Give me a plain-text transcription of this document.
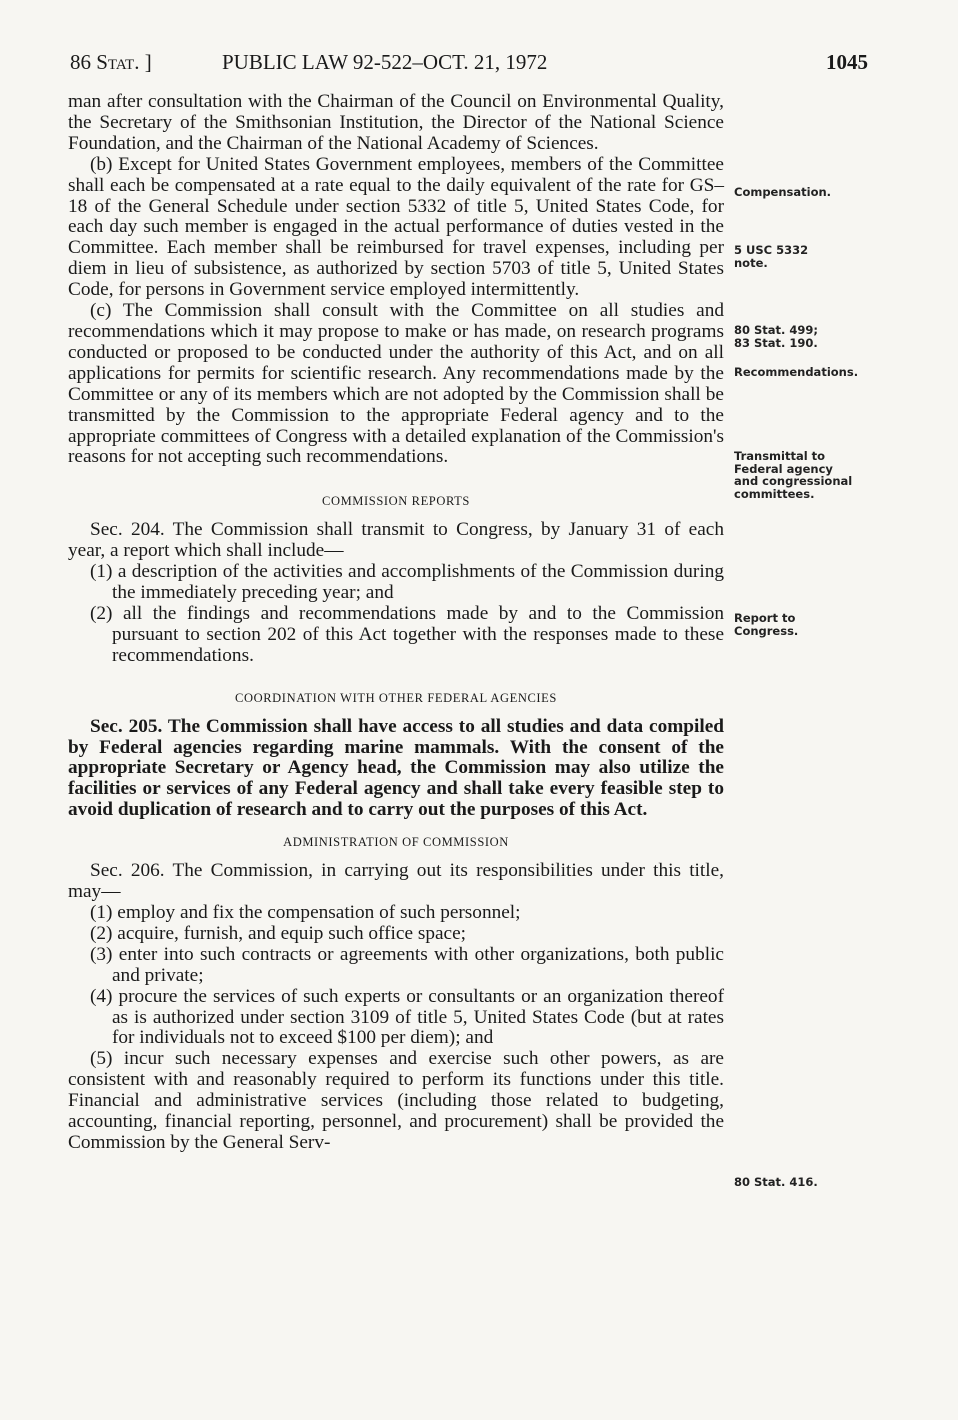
86 Stat. ]	PUBLIC LAW 92-522–OCT. 21, 1972	1045

man after consultation with the Chairman of the Council on Environmental Quality, the Secretary of the Smithsonian Institution, the Director of the National Science Foundation, and the Chairman of the National Academy of Sciences.

(b) Except for United States Government employees, members of the Committee shall each be compensated at a rate equal to the daily equivalent of the rate for GS–18 of the General Schedule under section 5332 of title 5, United States Code, for each day such member is engaged in the actual performance of duties vested in the Committee. Each member shall be reimbursed for travel expenses, including per diem in lieu of subsistence, as authorized by section 5703 of title 5, United States Code, for persons in Government service employed intermittently.

(c) The Commission shall consult with the Committee on all studies and recommendations which it may propose to make or has made, on research programs conducted or proposed to be conducted under the authority of this Act, and on all applications for permits for scientific research. Any recommendations made by the Committee or any of its members which are not adopted by the Commission shall be transmitted by the Commission to the appropriate Federal agency and to the appropriate committees of Congress with a detailed explanation of the Commission's reasons for not accepting such recommendations.

COMMISSION REPORTS

Sec. 204. The Commission shall transmit to Congress, by January 31 of each year, a report which shall include—

(1) a description of the activities and accomplishments of the Commission during the immediately preceding year; and

(2) all the findings and recommendations made by and to the Commission pursuant to section 202 of this Act together with the responses made to these recommendations.

COORDINATION WITH OTHER FEDERAL AGENCIES

Sec. 205. The Commission shall have access to all studies and data compiled by Federal agencies regarding marine mammals. With the consent of the appropriate Secretary or Agency head, the Commission may also utilize the facilities or services of any Federal agency and shall take every feasible step to avoid duplication of research and to carry out the purposes of this Act.

ADMINISTRATION OF COMMISSION

Sec. 206. The Commission, in carrying out its responsibilities under this title, may—

(1) employ and fix the compensation of such personnel;

(2) acquire, furnish, and equip such office space;

(3) enter into such contracts or agreements with other organizations, both public and private;

(4) procure the services of such experts or consultants or an organization thereof as is authorized under section 3109 of title 5, United States Code (but at rates for individuals not to exceed $100 per diem); and

(5) incur such necessary expenses and exercise such other powers, as are consistent with and reasonably required to perform its functions under this title. Financial and administrative services (including those related to budgeting, accounting, financial reporting, personnel, and procurement) shall be provided the Commission by the General Serv-

Compensation.
5 USC 5332
note.
80 Stat. 499;
83 Stat. 190.
Recommendations.
Transmittal to
Federal agency
and congressional
committees.
Report to
Congress.
80 Stat. 416.
